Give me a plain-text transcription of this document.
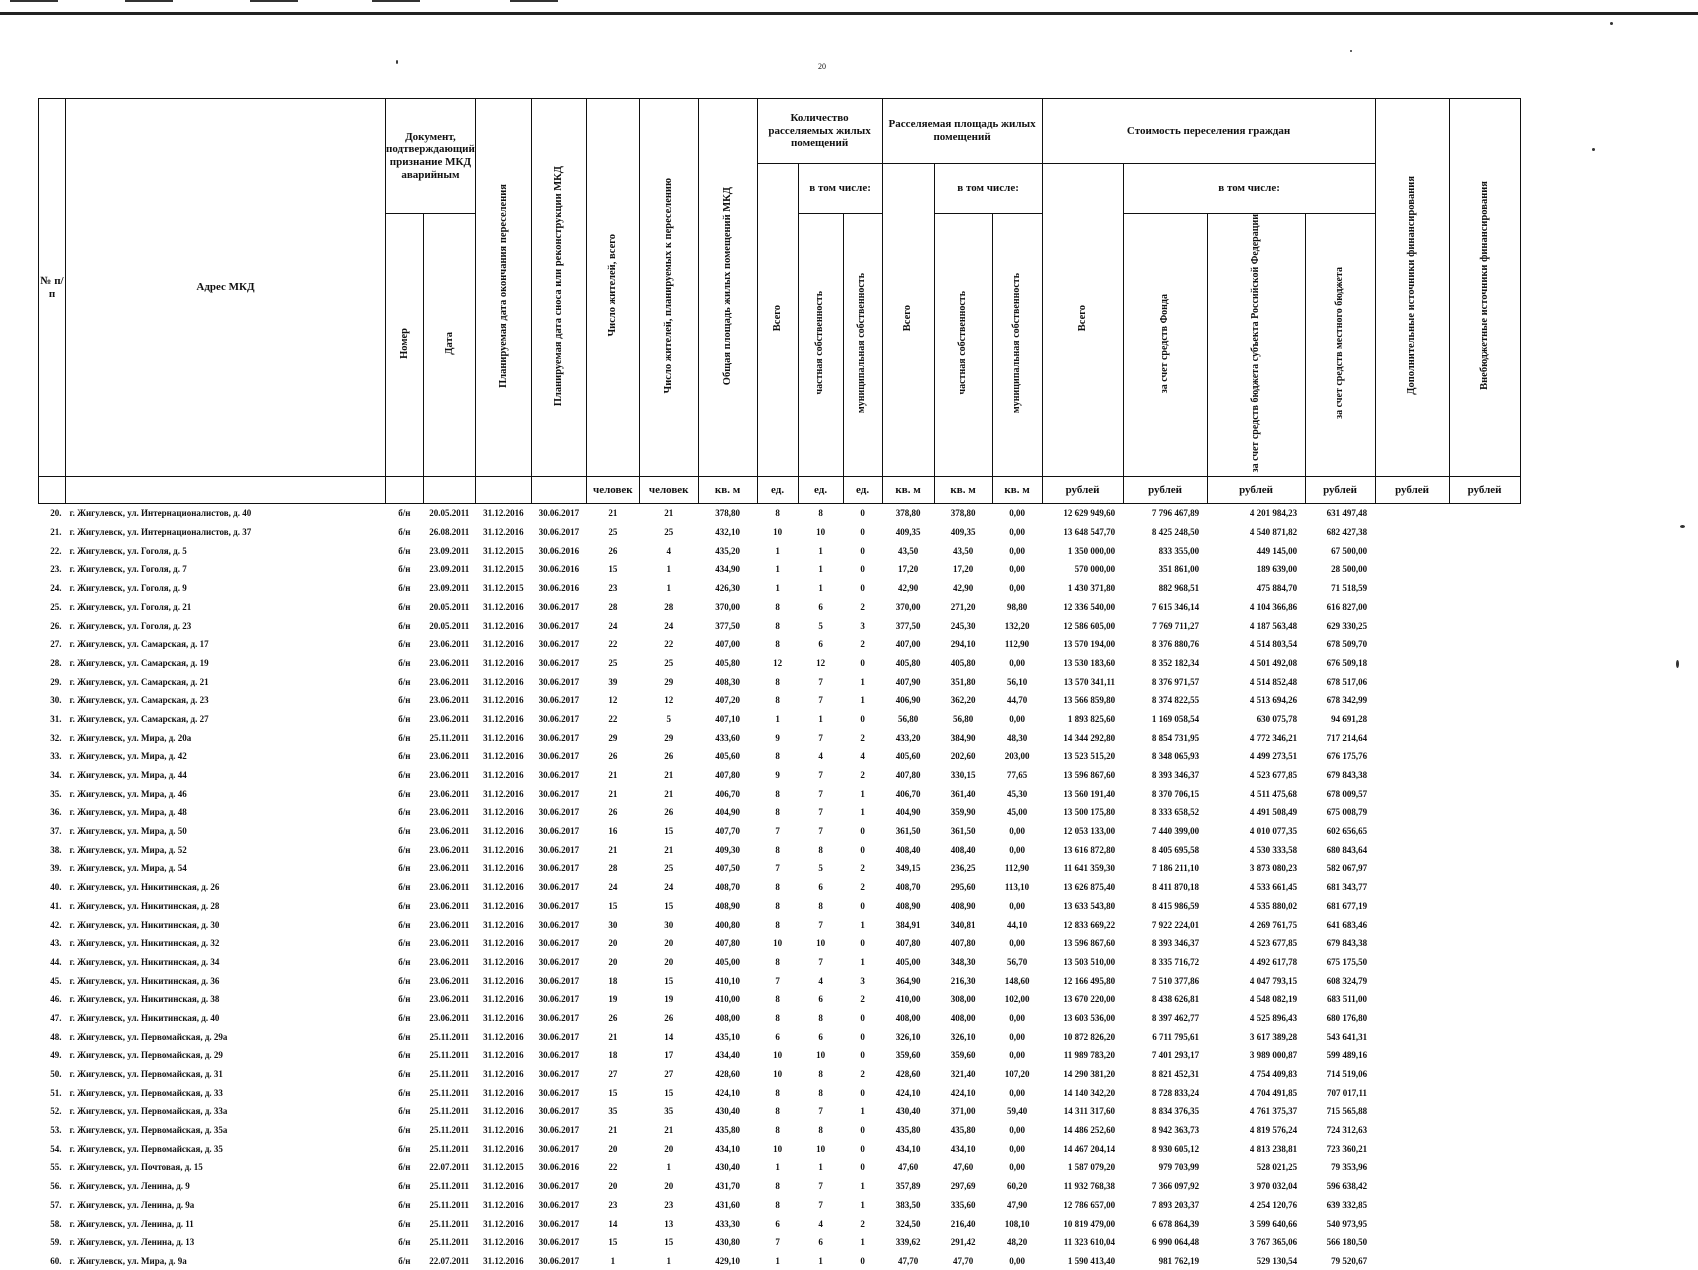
20
№ п/п	Адрес МКД	Документ, подтверждающий признание МКД аварийным		Планируемая дата окончания переселения	Планируемая дата сноса или реконструкции МКД	Число жителей, всего	Число жителей, планируемых к переселению	Общая площадь жилых помещений МКД	Количество расселяемых жилых помещений			Расселяемая площадь жилых помещений			Стоимость переселения граждан				Дополнительные источники финансирования	Внебюджетные источники финансирования
									Всего	в том числе:		Всего	в том числе:		Всего	в том числе:				
		Номер	Дата							частная собственность	муниципальная собственность		частная собственность	муниципальная собственность		за счет средств Фонда	за счет средств бюджета субъекта Российской Федерации	за счет средств местного бюджета		
						человек	человек	кв. м	ед.	ед.	ед.	кв. м	кв. м	кв. м	рублей	рублей	рублей	рублей	рублей	рублей
20.	г. Жигулевск, ул. Интернационалистов, д. 40	б/н	20.05.2011	31.12.2016	30.06.2017	21	21	378,80	8	8	0	378,80	378,80	0,00	12 629 949,60	7 796 467,89	4 201 984,23	631 497,48		
21.	г. Жигулевск, ул. Интернационалистов, д. 37	б/н	26.08.2011	31.12.2016	30.06.2017	25	25	432,10	10	10	0	409,35	409,35	0,00	13 648 547,70	8 425 248,50	4 540 871,82	682 427,38		
22.	г. Жигулевск, ул. Гоголя, д. 5	б/н	23.09.2011	31.12.2015	30.06.2016	26	4	435,20	1	1	0	43,50	43,50	0,00	1 350 000,00	833 355,00	449 145,00	67 500,00		
23.	г. Жигулевск, ул. Гоголя, д. 7	б/н	23.09.2011	31.12.2015	30.06.2016	15	1	434,90	1	1	0	17,20	17,20	0,00	570 000,00	351 861,00	189 639,00	28 500,00		
24.	г. Жигулевск, ул. Гоголя, д. 9	б/н	23.09.2011	31.12.2015	30.06.2016	23	1	426,30	1	1	0	42,90	42,90	0,00	1 430 371,80	882 968,51	475 884,70	71 518,59		
25.	г. Жигулевск, ул. Гоголя, д. 21	б/н	20.05.2011	31.12.2016	30.06.2017	28	28	370,00	8	6	2	370,00	271,20	98,80	12 336 540,00	7 615 346,14	4 104 366,86	616 827,00		
26.	г. Жигулевск, ул. Гоголя, д. 23	б/н	20.05.2011	31.12.2016	30.06.2017	24	24	377,50	8	5	3	377,50	245,30	132,20	12 586 605,00	7 769 711,27	4 187 563,48	629 330,25		
27.	г. Жигулевск, ул. Самарская, д. 17	б/н	23.06.2011	31.12.2016	30.06.2017	22	22	407,00	8	6	2	407,00	294,10	112,90	13 570 194,00	8 376 880,76	4 514 803,54	678 509,70		
28.	г. Жигулевск, ул. Самарская, д. 19	б/н	23.06.2011	31.12.2016	30.06.2017	25	25	405,80	12	12	0	405,80	405,80	0,00	13 530 183,60	8 352 182,34	4 501 492,08	676 509,18		
29.	г. Жигулевск, ул. Самарская, д. 21	б/н	23.06.2011	31.12.2016	30.06.2017	39	29	408,30	8	7	1	407,90	351,80	56,10	13 570 341,11	8 376 971,57	4 514 852,48	678 517,06		
30.	г. Жигулевск, ул. Самарская, д. 23	б/н	23.06.2011	31.12.2016	30.06.2017	12	12	407,20	8	7	1	406,90	362,20	44,70	13 566 859,80	8 374 822,55	4 513 694,26	678 342,99		
31.	г. Жигулевск, ул. Самарская, д. 27	б/н	23.06.2011	31.12.2016	30.06.2017	22	5	407,10	1	1	0	56,80	56,80	0,00	1 893 825,60	1 169 058,54	630 075,78	94 691,28		
32.	г. Жигулевск, ул. Мира, д. 20а	б/н	25.11.2011	31.12.2016	30.06.2017	29	29	433,60	9	7	2	433,20	384,90	48,30	14 344 292,80	8 854 731,95	4 772 346,21	717 214,64		
33.	г. Жигулевск, ул. Мира, д. 42	б/н	23.06.2011	31.12.2016	30.06.2017	26	26	405,60	8	4	4	405,60	202,60	203,00	13 523 515,20	8 348 065,93	4 499 273,51	676 175,76		
34.	г. Жигулевск, ул. Мира, д. 44	б/н	23.06.2011	31.12.2016	30.06.2017	21	21	407,80	9	7	2	407,80	330,15	77,65	13 596 867,60	8 393 346,37	4 523 677,85	679 843,38		
35.	г. Жигулевск, ул. Мира, д. 46	б/н	23.06.2011	31.12.2016	30.06.2017	21	21	406,70	8	7	1	406,70	361,40	45,30	13 560 191,40	8 370 706,15	4 511 475,68	678 009,57		
36.	г. Жигулевск, ул. Мира, д. 48	б/н	23.06.2011	31.12.2016	30.06.2017	26	26	404,90	8	7	1	404,90	359,90	45,00	13 500 175,80	8 333 658,52	4 491 508,49	675 008,79		
37.	г. Жигулевск, ул. Мира, д. 50	б/н	23.06.2011	31.12.2016	30.06.2017	16	15	407,70	7	7	0	361,50	361,50	0,00	12 053 133,00	7 440 399,00	4 010 077,35	602 656,65		
38.	г. Жигулевск, ул. Мира, д. 52	б/н	23.06.2011	31.12.2016	30.06.2017	21	21	409,30	8	8	0	408,40	408,40	0,00	13 616 872,80	8 405 695,58	4 530 333,58	680 843,64		
39.	г. Жигулевск, ул. Мира, д. 54	б/н	23.06.2011	31.12.2016	30.06.2017	28	25	407,50	7	5	2	349,15	236,25	112,90	11 641 359,30	7 186 211,10	3 873 080,23	582 067,97		
40.	г. Жигулевск, ул. Никитинская, д. 26	б/н	23.06.2011	31.12.2016	30.06.2017	24	24	408,70	8	6	2	408,70	295,60	113,10	13 626 875,40	8 411 870,18	4 533 661,45	681 343,77		
41.	г. Жигулевск, ул. Никитинская, д. 28	б/н	23.06.2011	31.12.2016	30.06.2017	15	15	408,90	8	8	0	408,90	408,90	0,00	13 633 543,80	8 415 986,59	4 535 880,02	681 677,19		
42.	г. Жигулевск, ул. Никитинская, д. 30	б/н	23.06.2011	31.12.2016	30.06.2017	30	30	400,80	8	7	1	384,91	340,81	44,10	12 833 669,22	7 922 224,01	4 269 761,75	641 683,46		
43.	г. Жигулевск, ул. Никитинская, д. 32	б/н	23.06.2011	31.12.2016	30.06.2017	20	20	407,80	10	10	0	407,80	407,80	0,00	13 596 867,60	8 393 346,37	4 523 677,85	679 843,38		
44.	г. Жигулевск, ул. Никитинская, д. 34	б/н	23.06.2011	31.12.2016	30.06.2017	20	20	405,00	8	7	1	405,00	348,30	56,70	13 503 510,00	8 335 716,72	4 492 617,78	675 175,50		
45.	г. Жигулевск, ул. Никитинская, д. 36	б/н	23.06.2011	31.12.2016	30.06.2017	18	15	410,10	7	4	3	364,90	216,30	148,60	12 166 495,80	7 510 377,86	4 047 793,15	608 324,79		
46.	г. Жигулевск, ул. Никитинская, д. 38	б/н	23.06.2011	31.12.2016	30.06.2017	19	19	410,00	8	6	2	410,00	308,00	102,00	13 670 220,00	8 438 626,81	4 548 082,19	683 511,00		
47.	г. Жигулевск, ул. Никитинская, д. 40	б/н	23.06.2011	31.12.2016	30.06.2017	26	26	408,00	8	8	0	408,00	408,00	0,00	13 603 536,00	8 397 462,77	4 525 896,43	680 176,80		
48.	г. Жигулевск, ул. Первомайская, д. 29а	б/н	25.11.2011	31.12.2016	30.06.2017	21	14	435,10	6	6	0	326,10	326,10	0,00	10 872 826,20	6 711 795,61	3 617 389,28	543 641,31		
49.	г. Жигулевск, ул. Первомайская, д. 29	б/н	25.11.2011	31.12.2016	30.06.2017	18	17	434,40	10	10	0	359,60	359,60	0,00	11 989 783,20	7 401 293,17	3 989 000,87	599 489,16		
50.	г. Жигулевск, ул. Первомайская, д. 31	б/н	25.11.2011	31.12.2016	30.06.2017	27	27	428,60	10	8	2	428,60	321,40	107,20	14 290 381,20	8 821 452,31	4 754 409,83	714 519,06		
51.	г. Жигулевск, ул. Первомайская, д. 33	б/н	25.11.2011	31.12.2016	30.06.2017	15	15	424,10	8	8	0	424,10	424,10	0,00	14 140 342,20	8 728 833,24	4 704 491,85	707 017,11		
52.	г. Жигулевск, ул. Первомайская, д. 33а	б/н	25.11.2011	31.12.2016	30.06.2017	35	35	430,40	8	7	1	430,40	371,00	59,40	14 311 317,60	8 834 376,35	4 761 375,37	715 565,88		
53.	г. Жигулевск, ул. Первомайская, д. 35а	б/н	25.11.2011	31.12.2016	30.06.2017	21	21	435,80	8	8	0	435,80	435,80	0,00	14 486 252,60	8 942 363,73	4 819 576,24	724 312,63		
54.	г. Жигулевск, ул. Первомайская, д. 35	б/н	25.11.2011	31.12.2016	30.06.2017	20	20	434,10	10	10	0	434,10	434,10	0,00	14 467 204,14	8 930 605,12	4 813 238,81	723 360,21		
55.	г. Жигулевск, ул. Почтовая, д. 15	б/н	22.07.2011	31.12.2015	30.06.2016	22	1	430,40	1	1	0	47,60	47,60	0,00	1 587 079,20	979 703,99	528 021,25	79 353,96		
56.	г. Жигулевск, ул. Ленина, д. 9	б/н	25.11.2011	31.12.2016	30.06.2017	20	20	431,70	8	7	1	357,89	297,69	60,20	11 932 768,38	7 366 097,92	3 970 032,04	596 638,42		
57.	г. Жигулевск, ул. Ленина, д. 9а	б/н	25.11.2011	31.12.2016	30.06.2017	23	23	431,60	8	7	1	383,50	335,60	47,90	12 786 657,00	7 893 203,37	4 254 120,76	639 332,85		
58.	г. Жигулевск, ул. Ленина, д. 11	б/н	25.11.2011	31.12.2016	30.06.2017	14	13	433,30	6	4	2	324,50	216,40	108,10	10 819 479,00	6 678 864,39	3 599 640,66	540 973,95		
59.	г. Жигулевск, ул. Ленина, д. 13	б/н	25.11.2011	31.12.2016	30.06.2017	15	15	430,80	7	6	1	339,62	291,42	48,20	11 323 610,04	6 990 064,48	3 767 365,06	566 180,50		
60.	г. Жигулевск, ул. Мира, д. 9а	б/н	22.07.2011	31.12.2016	30.06.2017	1	1	429,10	1	1	0	47,70	47,70	0,00	1 590 413,40	981 762,19	529 130,54	79 520,67		
